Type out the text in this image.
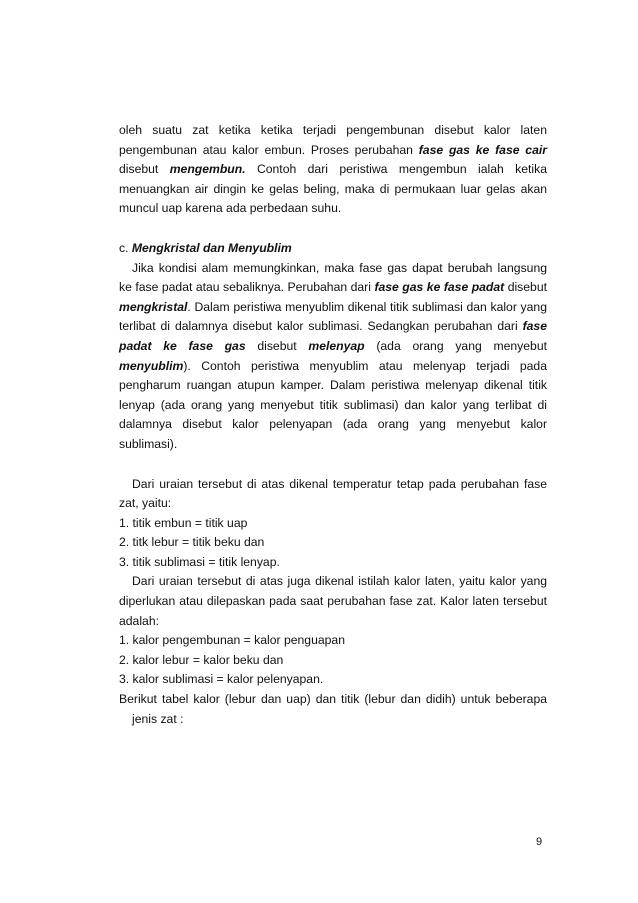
oleh suatu zat ketika ketika terjadi pengembunan disebut kalor laten pengembunan atau kalor embun. Proses perubahan fase gas ke fase cair disebut mengembun. Contoh dari peristiwa mengembun ialah ketika menuangkan air dingin ke gelas beling, maka di permukaan luar gelas akan muncul uap karena ada perbedaan suhu.

c. Mengkristal dan Menyublim

Jika kondisi alam memungkinkan, maka fase gas dapat berubah langsung ke fase padat atau sebaliknya. Perubahan dari fase gas ke fase padat disebut mengkristal. Dalam peristiwa menyublim dikenal titik sublimasi dan kalor yang terlibat di dalamnya disebut kalor sublimasi. Sedangkan perubahan dari fase padat ke fase gas disebut melenyap (ada orang yang menyebut menyublim). Contoh peristiwa menyublim atau melenyap terjadi pada pengharum ruangan atupun kamper. Dalam peristiwa melenyap dikenal titik lenyap (ada orang yang menyebut titik sublimasi) dan kalor yang terlibat di dalamnya disebut kalor pelenyapan (ada orang yang menyebut kalor sublimasi).

Dari uraian tersebut di atas dikenal temperatur tetap pada perubahan fase zat, yaitu:

1. titik embun = titik uap

2. titk lebur = titik beku dan

3. titik sublimasi = titik lenyap.

Dari uraian tersebut di atas juga dikenal istilah kalor laten, yaitu kalor yang diperlukan atau dilepaskan pada saat perubahan fase zat. Kalor laten tersebut adalah:

1. kalor pengembunan = kalor penguapan

2. kalor lebur = kalor beku dan

3. kalor sublimasi = kalor pelenyapan.

Berikut tabel kalor (lebur dan uap) dan titik (lebur dan didih) untuk beberapa jenis zat :

9
